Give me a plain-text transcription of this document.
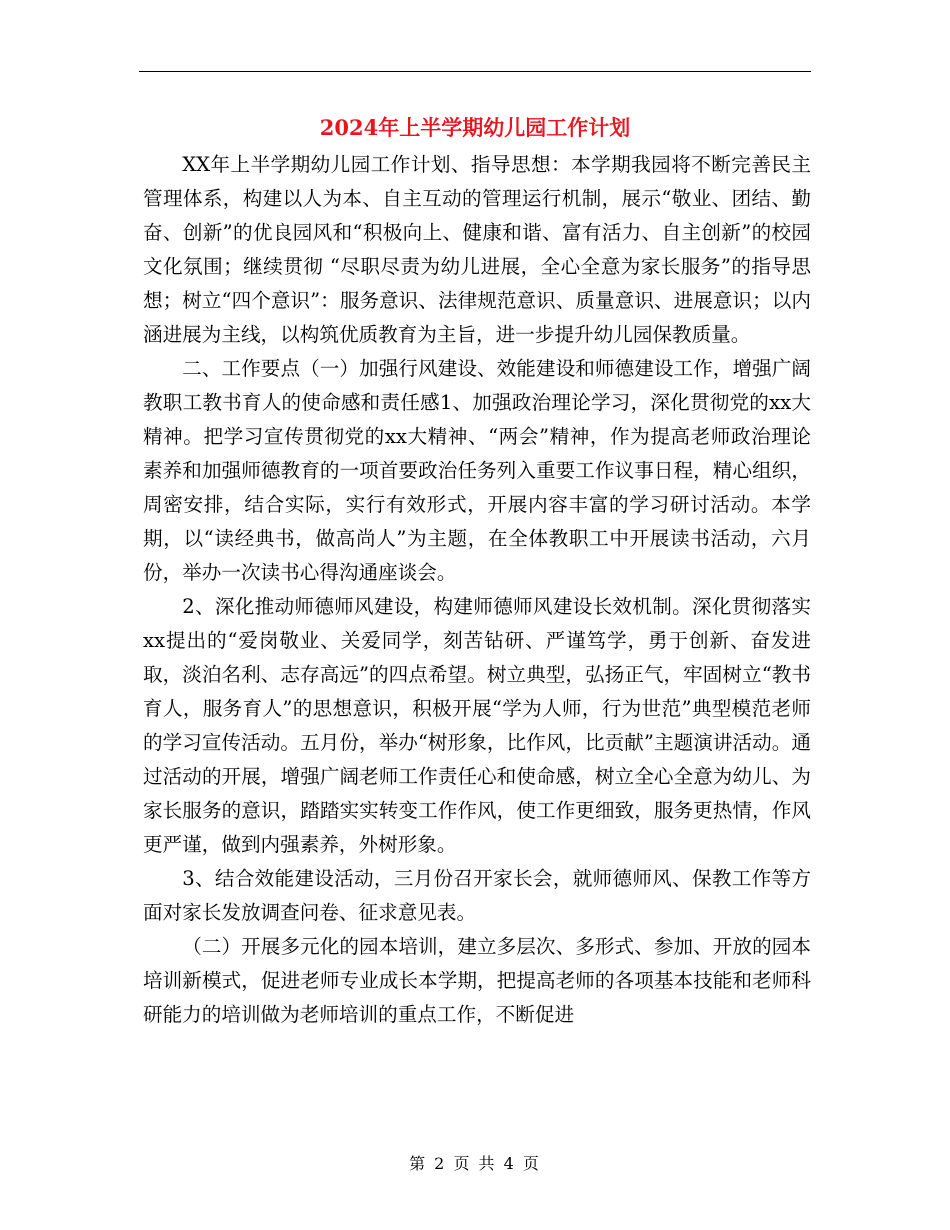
2024年上半学期幼儿园工作计划

XX年上半学期幼儿园工作计划、指导思想：本学期我园将不断完善民主管理体系，构建以人为本、自主互动的管理运行机制，展示“敬业、团结、勤奋、创新”的优良园风和“积极向上、健康和谐、富有活力、自主创新”的校园文化氛围；继续贯彻 “尽职尽责为幼儿进展，全心全意为家长服务”的指导思想；树立“四个意识”：服务意识、法律规范意识、质量意识、进展意识；以内涵进展为主线，以构筑优质教育为主旨，进一步提升幼儿园保教质量。

二、工作要点（一）加强行风建设、效能建设和师德建设工作，增强广阔教职工教书育人的使命感和责任感1、加强政治理论学习，深化贯彻党的xx大精神。把学习宣传贯彻党的xx大精神、“两会”精神，作为提高老师政治理论素养和加强师德教育的一项首要政治任务列入重要工作议事日程，精心组织，周密安排，结合实际，实行有效形式，开展内容丰富的学习研讨活动。本学期，以“读经典书，做高尚人”为主题，在全体教职工中开展读书活动，六月份，举办一次读书心得沟通座谈会。

2、深化推动师德师风建设，构建师德师风建设长效机制。深化贯彻落实xx提出的“爱岗敬业、关爱同学，刻苦钻研、严谨笃学，勇于创新、奋发进取，淡泊名利、志存高远”的四点希望。树立典型，弘扬正气，牢固树立“教书育人，服务育人”的思想意识，积极开展“学为人师，行为世范”典型模范老师的学习宣传活动。五月份，举办“树形象，比作风，比贡献”主题演讲活动。通过活动的开展，增强广阔老师工作责任心和使命感，树立全心全意为幼儿、为家长服务的意识，踏踏实实转变工作作风，使工作更细致，服务更热情，作风更严谨，做到内强素养，外树形象。

3、结合效能建设活动，三月份召开家长会，就师德师风、保教工作等方面对家长发放调查问卷、征求意见表。

（二）开展多元化的园本培训，建立多层次、多形式、参加、开放的园本培训新模式，促进老师专业成长本学期，把提高老师的各项基本技能和老师科研能力的培训做为老师培训的重点工作，不断促进

第 2 页 共 4 页
